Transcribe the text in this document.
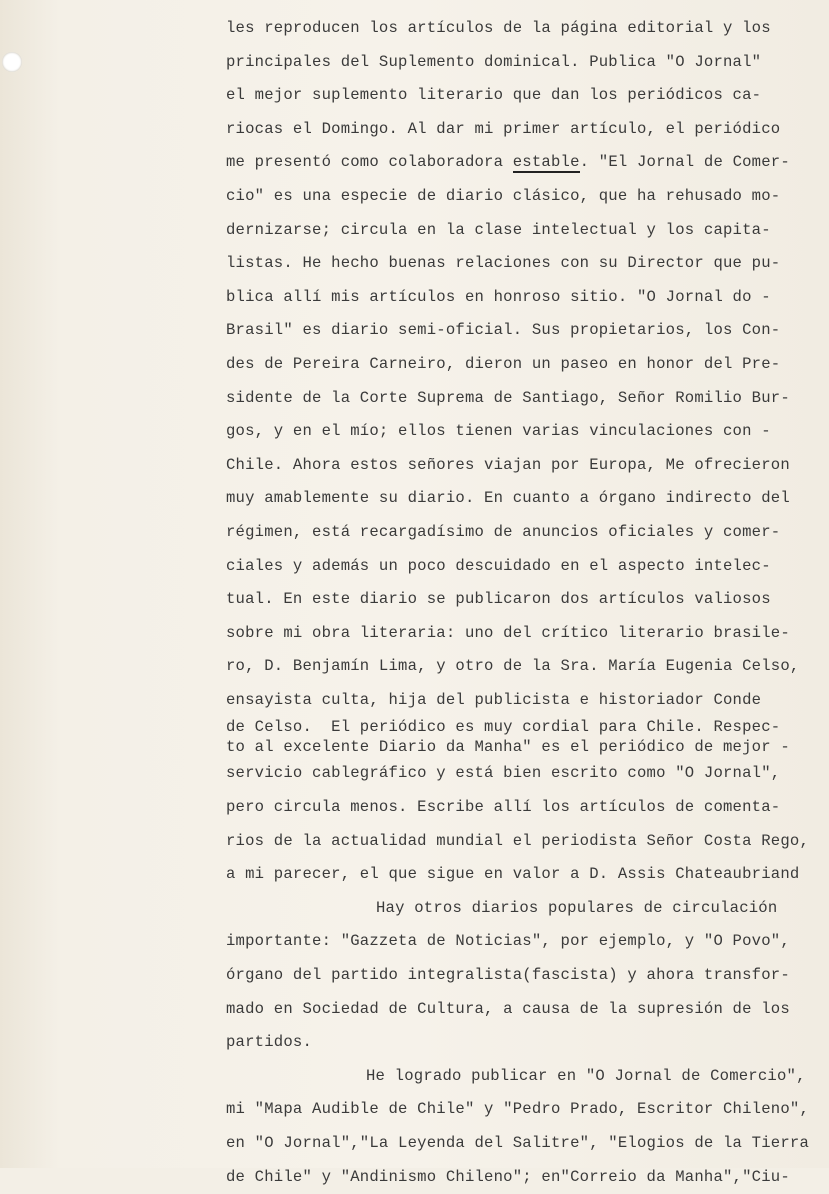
les reproducen los artículos de la página editorial y los
principales del Suplemento dominical. Publica "O Jornal"
el mejor suplemento literario que dan los periódicos ca-
riocas el Domingo. Al dar mi primer artículo, el periódico
me presentó como colaboradora estable. "El Jornal de Comer-
cio" es una especie de diario clásico, que ha rehusado mo-
dernizarse; circula en la clase intelectual y los capita-
listas. He hecho buenas relaciones con su Director que pu-
blica allí mis artículos en honroso sitio. "O Jornal do -
Brasil" es diario semi-oficial. Sus propietarios, los Con-
des de Pereira Carneiro, dieron un paseo en honor del Pre-
sidente de la Corte Suprema de Santiago, Señor Romilio Bur-
gos, y en el mío; ellos tienen varias vinculaciones con -
Chile. Ahora estos señores viajan por Europa, Me ofrecieron
muy amablemente su diario. En cuanto a órgano indirecto del
régimen, está recargadísimo de anuncios oficiales y comer-
ciales y además un poco descuidado en el aspecto intelec-
tual. En este diario se publicaron dos artículos valiosos
sobre mi obra literaria: uno del crítico literario brasile-
ro, D. Benjamín Lima, y otro de la Sra. María Eugenia Celso,
ensayista culta, hija del publicista e historiador Conde
de Celso.  El periódico es muy cordial para Chile. Respec-
to al excelente Diario da Manha" es el periódico de mejor -
servicio cablegráfico y está bien escrito como "O Jornal",
pero circula menos. Escribe allí los artículos de comenta-
rios de la actualidad mundial el periodista Señor Costa Rego,
a mi parecer, el que sigue en valor a D. Assis Chateaubriand
Hay otros diarios populares de circulación
importante: "Gazzeta de Noticias", por ejemplo, y "O Povo",
órgano del partido integralista(fascista) y ahora transfor-
mado en Sociedad de Cultura, a causa de la supresión de los
partidos.
He logrado publicar en "O Jornal de Comercio",
mi "Mapa Audible de Chile" y "Pedro Prado, Escritor Chileno",
en "O Jornal","La Leyenda del Salitre", "Elogios de la Tierra
de Chile" y "Andinismo Chileno"; en"Correio da Manha","Ciu-
